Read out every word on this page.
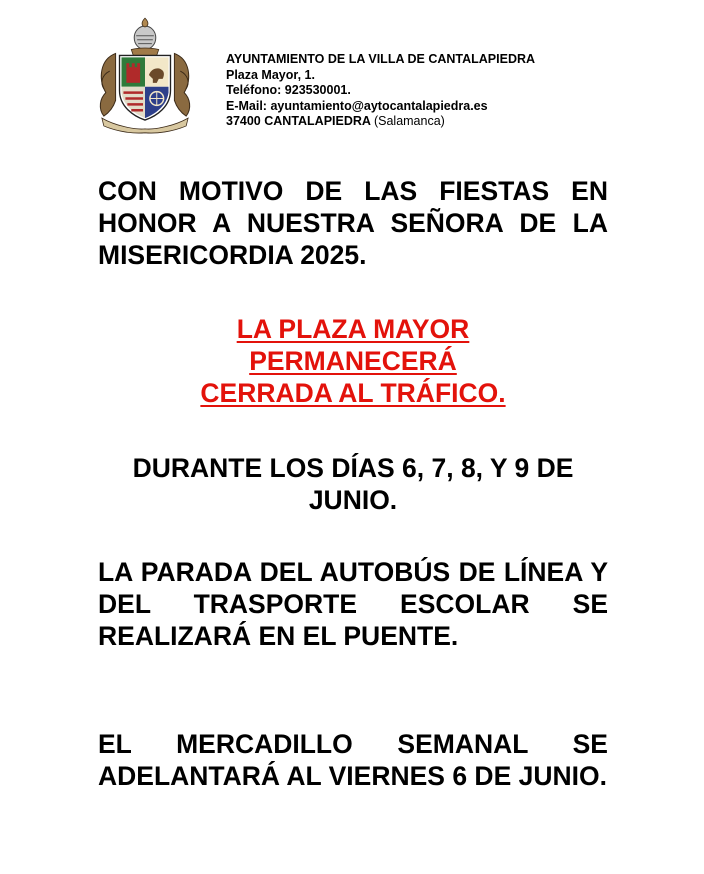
AYUNTAMIENTO DE LA VILLA DE CANTALAPIEDRA
Plaza Mayor, 1.
Teléfono: 923530001.
E-Mail: ayuntamiento@aytocantalapiedra.es
37400 CANTALAPIEDRA (Salamanca)
CON MOTIVO DE LAS FIESTAS EN HONOR A NUESTRA SEÑORA DE LA MISERICORDIA 2025.
LA PLAZA MAYOR
PERMANECERÁ
CERRADA AL TRÁFICO.
DURANTE LOS DÍAS 6, 7, 8, Y 9 DE JUNIO.
LA PARADA DEL AUTOBÚS DE LÍNEA Y DEL TRASPORTE ESCOLAR SE REALIZARÁ EN EL PUENTE.
EL MERCADILLO SEMANAL SE ADELANTARÁ AL VIERNES 6 DE JUNIO.
